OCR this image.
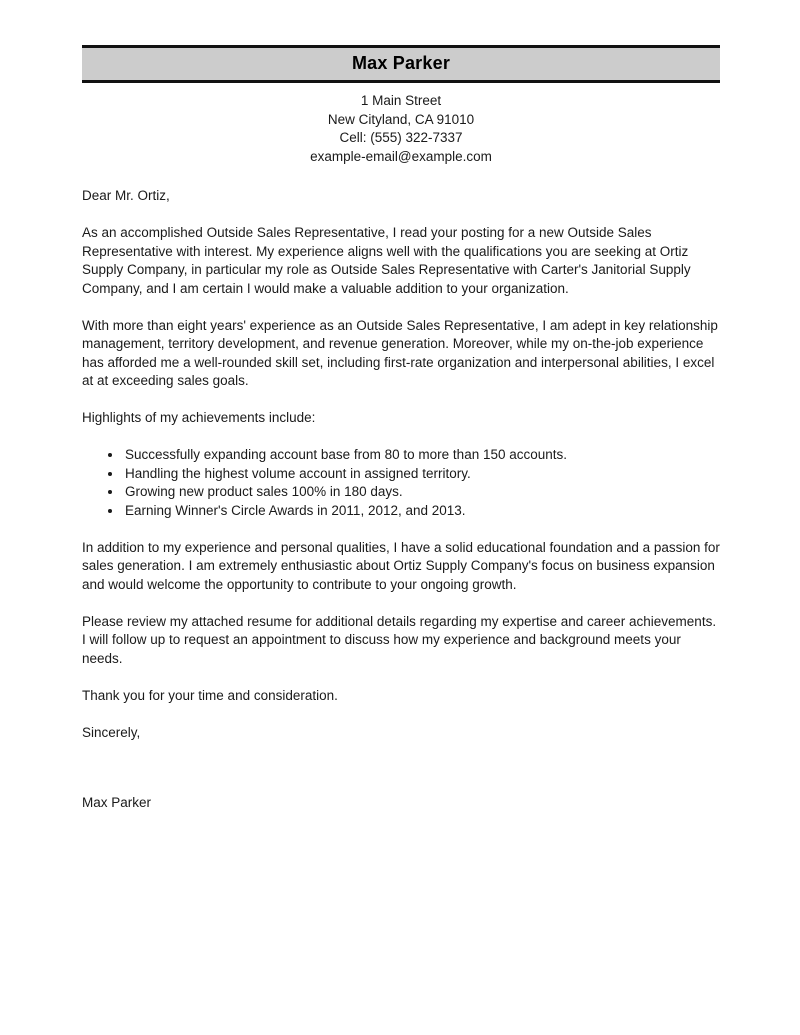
Max Parker
1 Main Street
New Cityland, CA 91010
Cell: (555) 322-7337
example-email@example.com

Dear Mr. Ortiz,

As an accomplished Outside Sales Representative, I read your posting for a new Outside Sales Representative with interest. My experience aligns well with the qualifications you are seeking at Ortiz Supply Company, in particular my role as Outside Sales Representative with Carter's Janitorial Supply Company, and I am certain I would make a valuable addition to your organization.

With more than eight years' experience as an Outside Sales Representative, I am adept in key relationship management, territory development, and revenue generation. Moreover, while my on-the-job experience has afforded me a well-rounded skill set, including first-rate organization and interpersonal abilities, I excel at at exceeding sales goals.

Highlights of my achievements include:

• Successfully expanding account base from 80 to more than 150 accounts.
• Handling the highest volume account in assigned territory.
• Growing new product sales 100% in 180 days.
• Earning Winner's Circle Awards in 2011, 2012, and 2013.

In addition to my experience and personal qualities, I have a solid educational foundation and a passion for sales generation. I am extremely enthusiastic about Ortiz Supply Company's focus on business expansion and would welcome the opportunity to contribute to your ongoing growth.

Please review my attached resume for additional details regarding my expertise and career achievements. I will follow up to request an appointment to discuss how my experience and background meets your needs.

Thank you for your time and consideration.

Sincerely,

Max Parker
